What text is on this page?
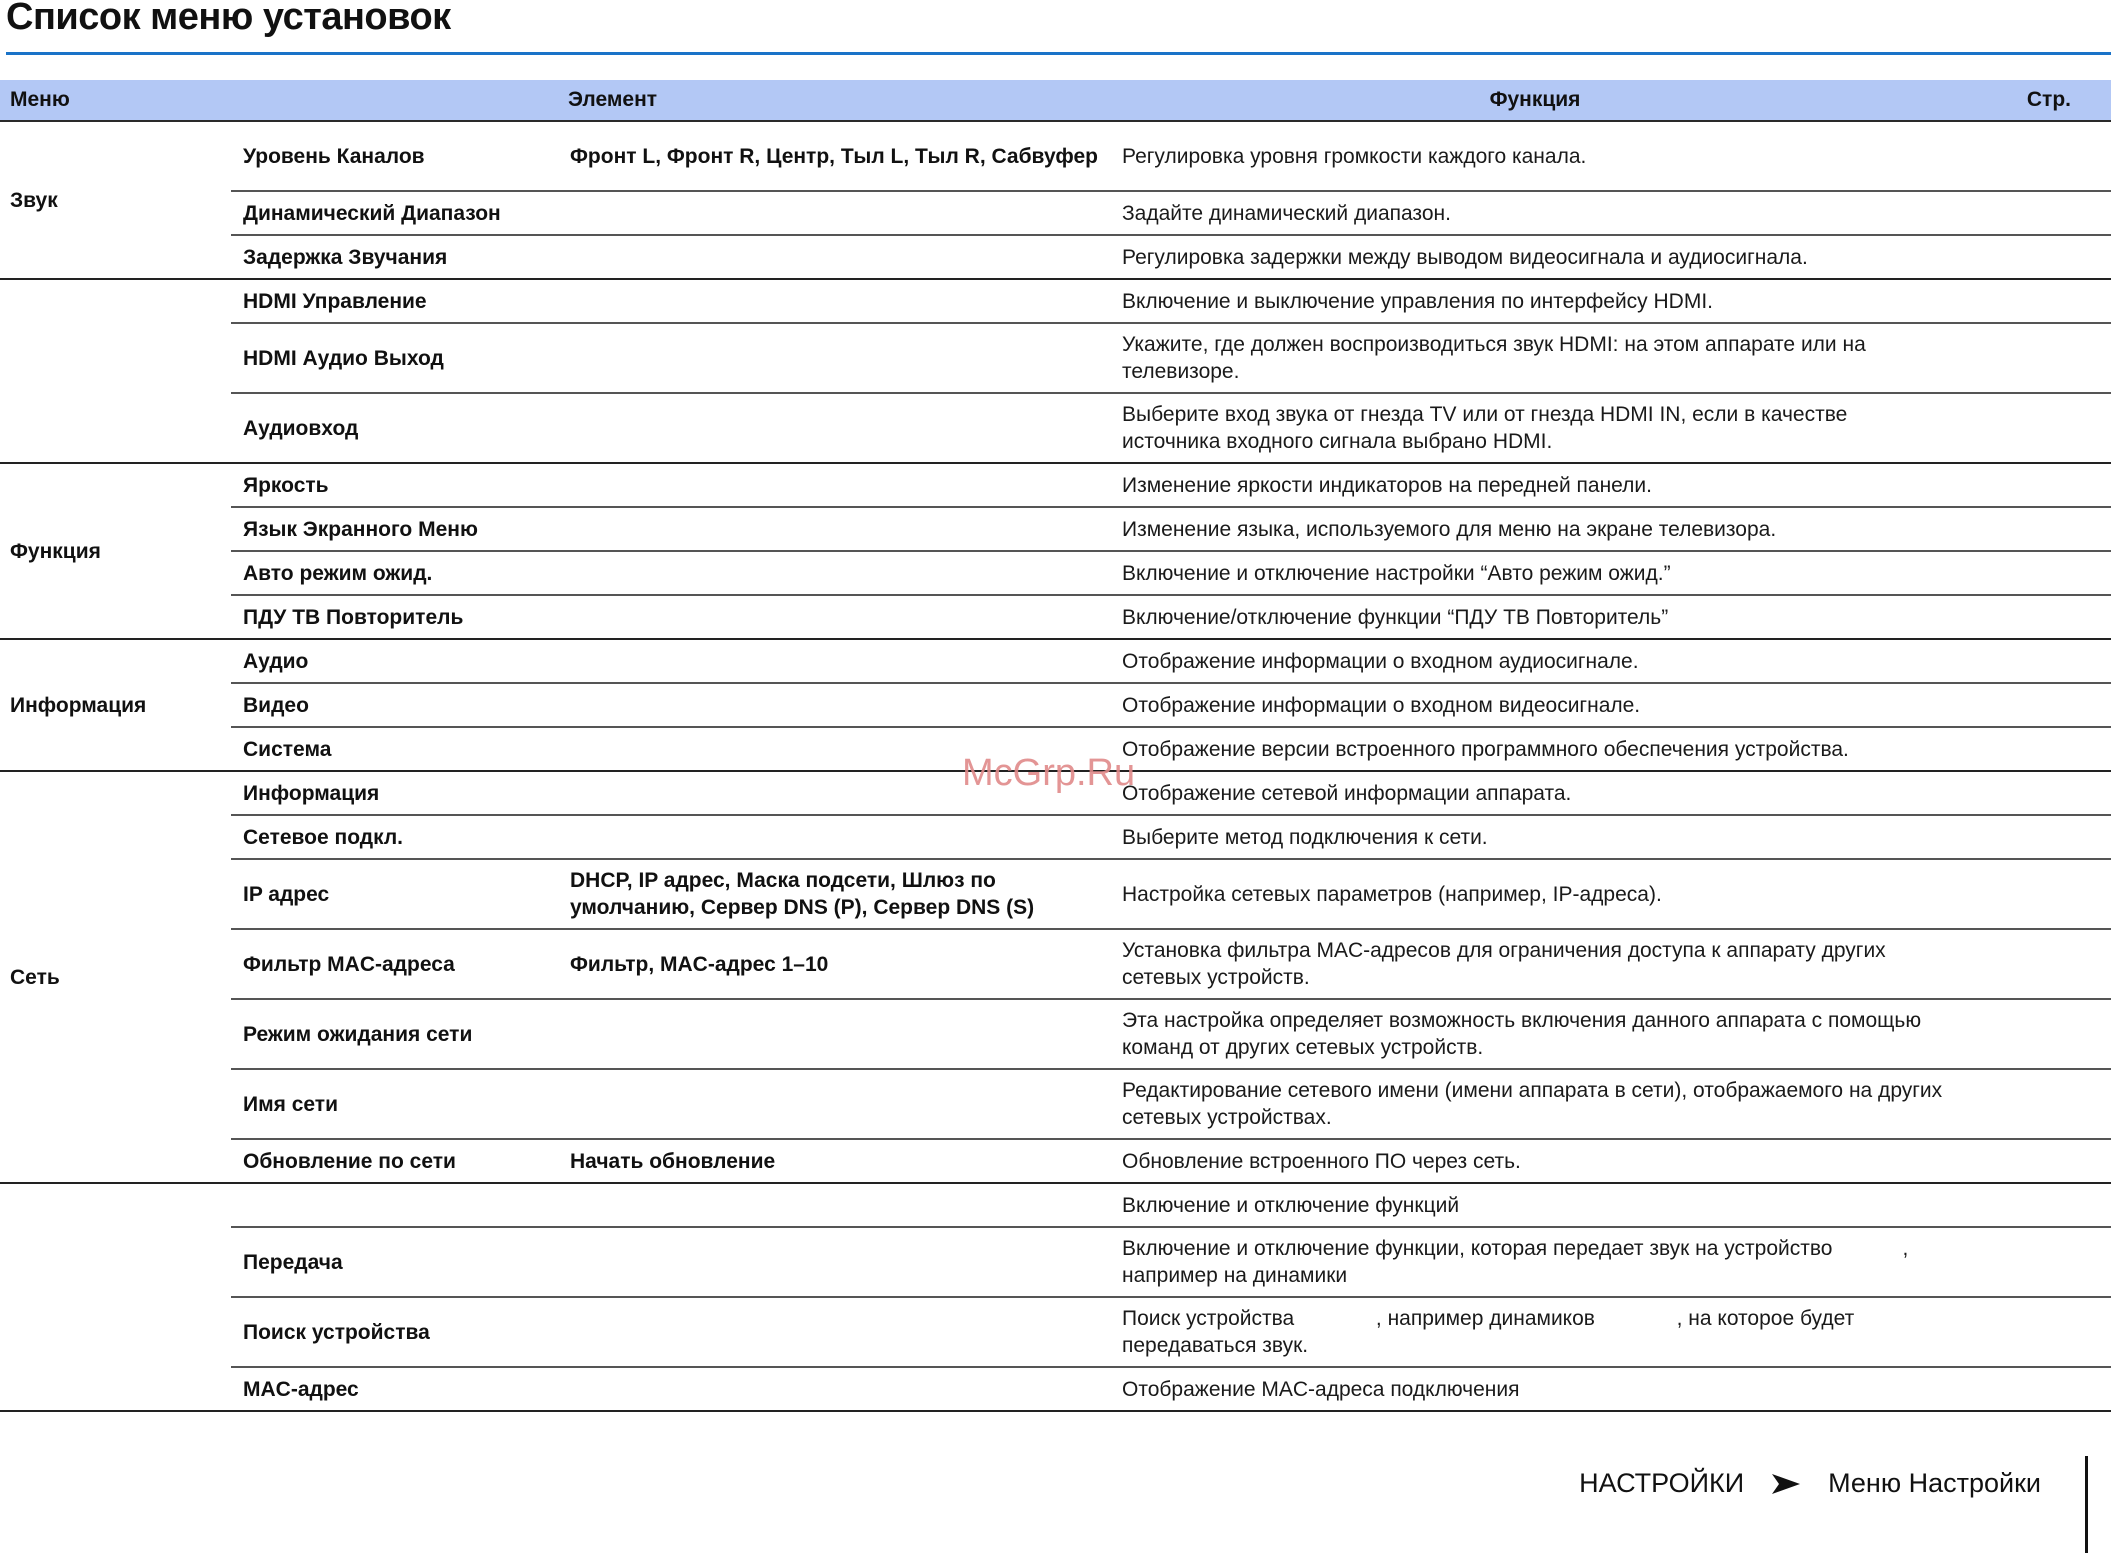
Список меню установок
Меню		Элемент	Функция	Стр.
Звук	Уровень Каналов	Фронт L, Фронт R, Центр, Тыл L, Тыл R, Сабвуфер	Регулировка уровня громкости каждого канала.	
	Динамический Диапазон		Задайте динамический диапазон.	
	Задержка Звучания		Регулировка задержки между выводом видеосигнала и аудиосигнала.	
	HDMI Управление		Включение и выключение управления по интерфейсу HDMI.	
	HDMI Аудио Выход		Укажите, где должен воспроизводиться звук HDMI: на этом аппарате или на телевизоре.	
	Аудиовход		Выберите вход звука от гнезда TV или от гнезда HDMI IN, если в качестве источника входного сигнала выбрано HDMI.	
Функция	Яркость		Изменение яркости индикаторов на передней панели.	
	Язык Экранного Меню		Изменение языка, используемого для меню на экране телевизора.	
	Авто режим ожид.		Включение и отключение настройки “Авто режим ожид.”	
	ПДУ ТВ Повторитель		Включение/отключение функции “ПДУ ТВ Повторитель”	
Информация	Аудио		Отображение информации о входном аудиосигнале.	
	Видео		Отображение информации о входном видеосигнале.	
	Система		Отображение версии встроенного программного обеспечения устройства.	
Сеть	Информация		Отображение сетевой информации аппарата.	
	Сетевое подкл.		Выберите метод подключения к сети.	
	IP адрес	DHCP, IP адрес, Маска подсети, Шлюз по умолчанию, Сервер DNS (P), Сервер DNS (S)	Настройка сетевых параметров (например, IP-адреса).	
	Фильтр MAC-адреса	Фильтр, MAC-адрес 1–10	Установка фильтра MAC-адресов для ограничения доступа к аппарату других сетевых устройств.	
	Режим ожидания сети		Эта настройка определяет возможность включения данного аппарата с помощью команд от других сетевых устройств.	
	Имя сети		Редактирование сетевого имени (имени аппарата в сети), отображаемого на других сетевых устройствах.	
	Обновление по сети	Начать обновление	Обновление встроенного ПО через сеть.	
			Включение и отключение функций	
	Передача		Включение и отключение функции, которая передает звук на устройство            , например на динамики	
	Поиск устройства		Поиск устройства              , например динамиков              , на которое будет передаваться звук.	
	MAC-адрес		Отображение MAC-адреса подключения	
McGrp.Ru
НАСТРОЙКИ	Меню Настройки
